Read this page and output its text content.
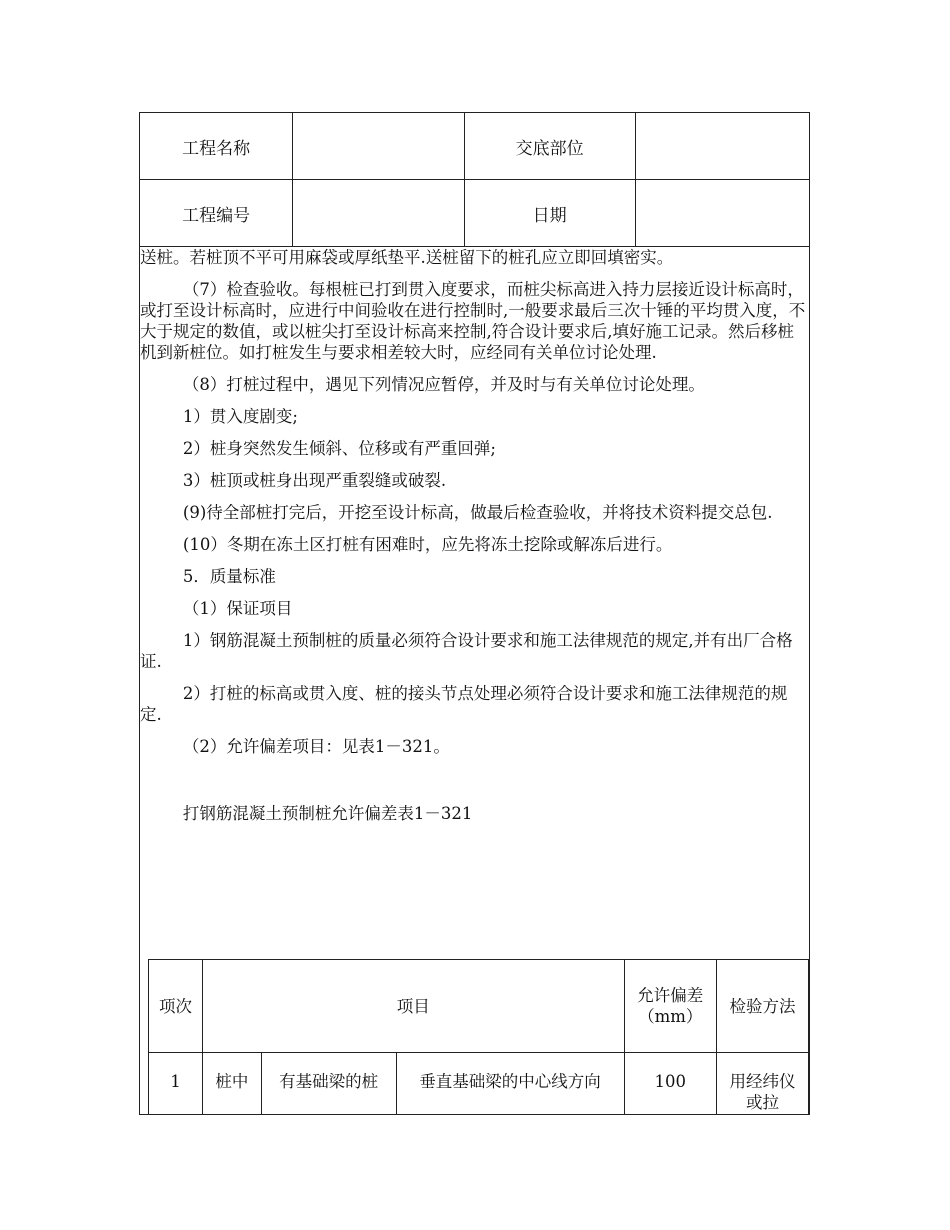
工程名称		交底部位	
工程编号		日期	

送桩。若桩顶不平可用麻袋或厚纸垫平.送桩留下的桩孔应立即回填密实。

（7）检查验收。每根桩已打到贯入度要求，而桩尖标高进入持力层接近设计标高时，或打至设计标高时，应进行中间验收在进行控制时,一般要求最后三次十锤的平均贯入度，不大于规定的数值，或以桩尖打至设计标高来控制,符合设计要求后,填好施工记录。然后移桩机到新桩位。如打桩发生与要求相差较大时，应经同有关单位讨论处理.

（8）打桩过程中，遇见下列情况应暂停，并及时与有关单位讨论处理。

1）贯入度剧变;

2）桩身突然发生倾斜、位移或有严重回弹;

3）桩顶或桩身出现严重裂缝或破裂.

(9)待全部桩打完后，开挖至设计标高，做最后检查验收，并将技术资料提交总包.

(10）冬期在冻土区打桩有困难时，应先将冻土挖除或解冻后进行。

5．质量标准

（1）保证项目

1）钢筋混凝土预制桩的质量必须符合设计要求和施工法律规范的规定,并有出厂合格证.

2）打桩的标高或贯入度、桩的接头节点处理必须符合设计要求和施工法律规范的规定.

（2）允许偏差项目：见表1－321。

打钢筋混凝土预制桩允许偏差表1－321

项次	项目			允许偏差（mm）	检验方法
1	桩中	有基础梁的桩	垂直基础梁的中心线方向	100	用经纬仪或拉
